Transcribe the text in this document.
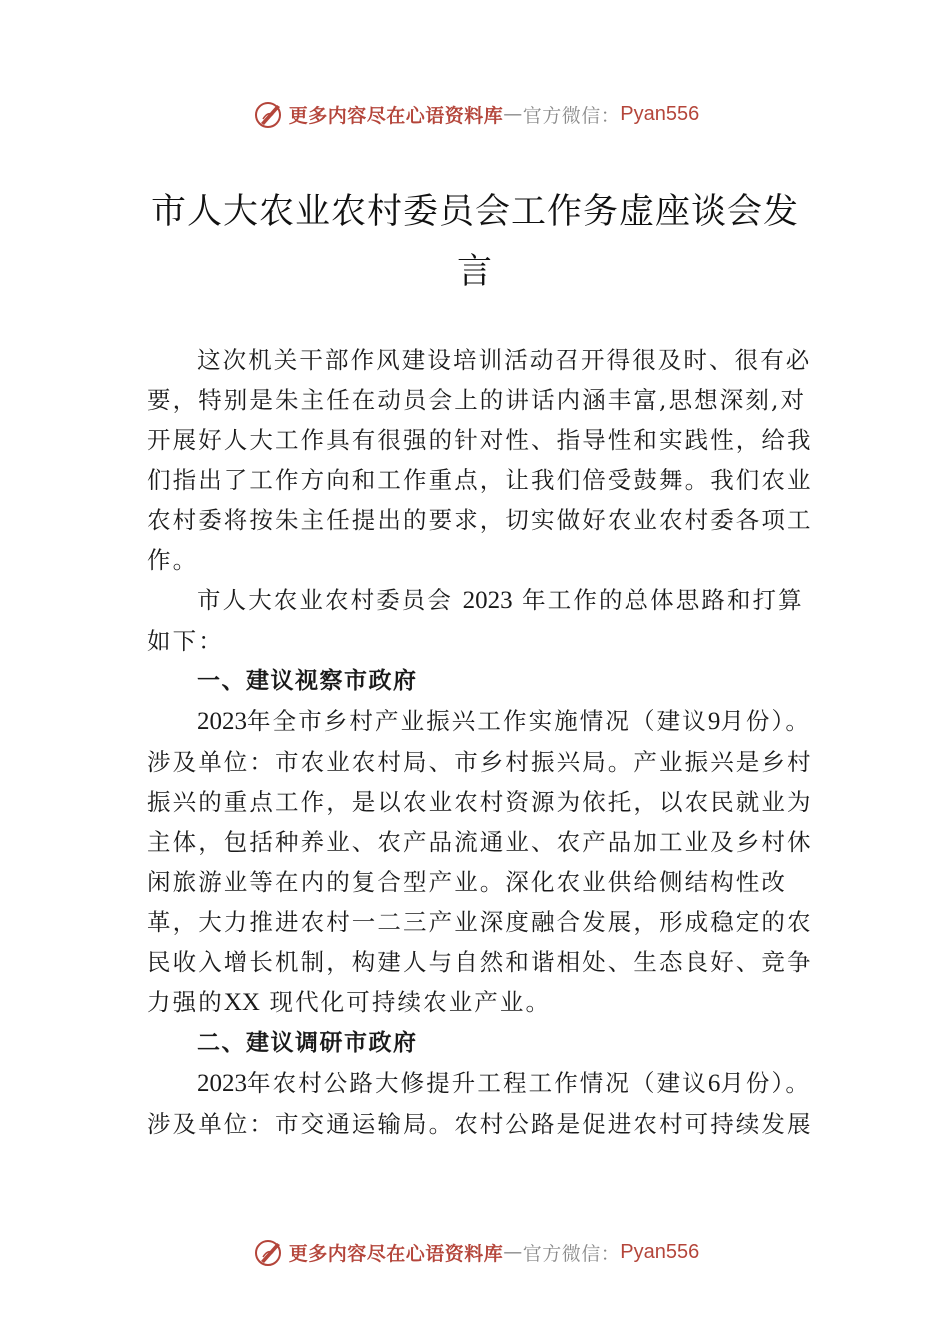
更多内容尽在心语资料库 — 官方微信： Pyan556
市人大农业农村委员会工作务虚座谈会发
言

这次机关干部作风建设培训活动召开得很及时、很有必要，特别是朱主任在动员会上的讲话内涵丰富,思想深刻,对开展好人大工作具有很强的针对性、指导性和实践性，给我们指出了工作方向和工作重点，让我们倍受鼓舞。我们农业农村委将按朱主任提出的要求，切实做好农业农村委各项工作。

市人大农业农村委员会 2023 年工作的总体思路和打算如下：

一、建议视察市政府

2023年全市乡村产业振兴工作实施情况（建议9月份）。涉及单位：市农业农村局、市乡村振兴局。产业振兴是乡村振兴的重点工作，是以农业农村资源为依托，以农民就业为主体，包括种养业、农产品流通业、农产品加工业及乡村休闲旅游业等在内的复合型产业。深化农业供给侧结构性改革，大力推进农村一二三产业深度融合发展，形成稳定的农民收入增长机制，构建人与自然和谐相处、生态良好、竞争力强的XX 现代化可持续农业产业。

二、建议调研市政府

2023年农村公路大修提升工程工作情况（建议6月份）。涉及单位：市交通运输局。农村公路是促进农村可持续发展

更多内容尽在心语资料库 — 官方微信： Pyan556
